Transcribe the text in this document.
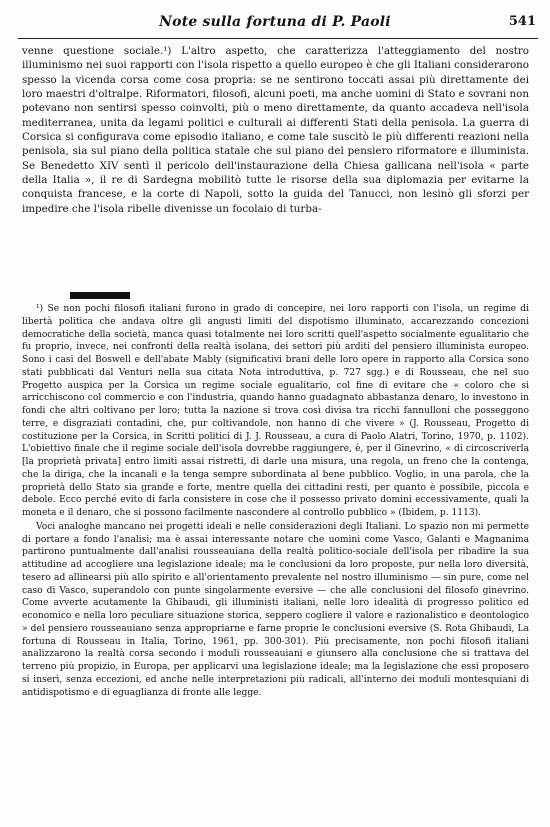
Note sulla fortuna di P. Paoli	541

venne questione sociale.¹) L'altro aspetto, che caratterizza l'atteggiamento del nostro illuminismo nei suoi rapporti con l'isola rispetto a quello europeo è che gli Italiani considerarono spesso la vicenda corsa come cosa propria: se ne sentirono toccati assai più direttamente dei loro maestri d'oltralpe. Riformatori, filosofi, alcuni poeti, ma anche uomini di Stato e sovrani non potevano non sentirsi spesso coinvolti, più o meno direttamente, da quanto accadeva nell'isola mediterranea, unita da legami politici e culturali ai differenti Stati della penisola. La guerra di Corsica si configurava come episodio italiano, e come tale suscitò le più differenti reazioni nella penisola, sia sul piano della politica statale che sul piano del pensiero riformatore e illuminista. Se Benedetto XIV sentì il pericolo dell'instaurazione della Chiesa gallicana nell'isola « parte della Italia », il re di Sardegna mobilitò tutte le risorse della sua diplomazia per evitarne la conquista francese, e la corte di Napoli, sotto la guida del Tanucci, non lesinò gli sforzi per impedire che l'isola ribelle divenisse un focolaio di turba-

¹) Se non pochi filosofi italiani furono in grado di concepire, nei loro rapporti con l'isola, un regime di libertà politica che andava oltre gli angusti limiti del dispotismo illuminato, accarezzando concezioni democratiche della società, manca quasi totalmente nei loro scritti quell'aspetto socialmente egualitario che fu proprio, invece, nei confronti della realtà isolana, dei settori più arditi del pensiero illuminista europeo. Sono i casi del Boswell e dell'abate Mably (significativi brani delle loro opere in rapporto alla Corsica sono stati pubblicati dal Venturi nella sua citata Nota introduttiva, p. 727 sgg.) e di Rousseau, che nel suo Progetto auspica per la Corsica un regime sociale egualitario, col fine di evitare che « coloro che si arricchiscono col commercio e con l'industria, quando hanno guadagnato abbastanza denaro, lo investono in fondi che altri coltivano per loro; tutta la nazione si trova così divisa tra ricchi fannulloni che posseggono terre, e disgraziati contadini, che, pur coltivandole, non hanno di che vivere » (J. Rousseau, Progetto di costituzione per la Corsica, in Scritti politici di J. J. Rousseau, a cura di Paolo Alatri, Torino, 1970, p. 1102). L'obiettivo finale che il regime sociale dell'isola dovrebbe raggiungere, è, per il Ginevrino, « di circoscriverla [la proprietà privata] entro limiti assai ristretti, di darle una misura, una regola, un freno che la contenga, che la diriga, che la incanali e la tenga sempre subordinata al bene pubblico. Voglio, in una parola, che la proprietà dello Stato sia grande e forte, mentre quella dei cittadini resti, per quanto è possibile, piccola e debole. Ecco perché evito di farla consistere in cose che il possesso privato domini eccessivamente, quali la moneta e il denaro, che si possono facilmente nascondere al controllo pubblico » (Ibidem, p. 1113).

Voci analoghe mancano nei progetti ideali e nelle considerazioni degli Italiani. Lo spazio non mi permette di portare a fondo l'analisi; ma è assai interessante notare che uomini come Vasco, Galanti e Magnanima partirono puntualmente dall'analisi rousseauiana della realtà politico-sociale dell'isola per ribadire la sua attitudine ad accogliere una legislazione ideale; ma le conclusioni da loro proposte, pur nella loro diversità, tesero ad allinearsi più allo spirito e all'orientamento prevalente nel nostro illuminismo — sin pure, come nel caso di Vasco, superandolo con punte singolarmente eversive — che alle conclusioni del filosofo ginevrino. Come avverte acutamente la Ghibaudi, gli illuministi italiani, nelle loro idealità di progresso politico ed economico e nella loro peculiare situazione storica, seppero cogliere il valore e razionalistico e deontologico » del pensiero rousseauiano senza appropriarne e farne proprie le conclusioni eversive (S. Rota Ghibaudi, La fortuna di Rousseau in Italia, Torino, 1961, pp. 300-301). Più precisamente, non pochi filosofi italiani analizzarono la realtà corsa secondo i moduli rousseauiani e giunsero alla conclusione che si trattava del terreno più propizio, in Europa, per applicarvi una legislazione ideale; ma la legislazione che essi proposero si inserì, senza eccezioni, ed anche nelle interpretazioni più radicali, all'interno dei moduli montesquiani di antidispotismo e di eguaglianza di fronte alle legge.
